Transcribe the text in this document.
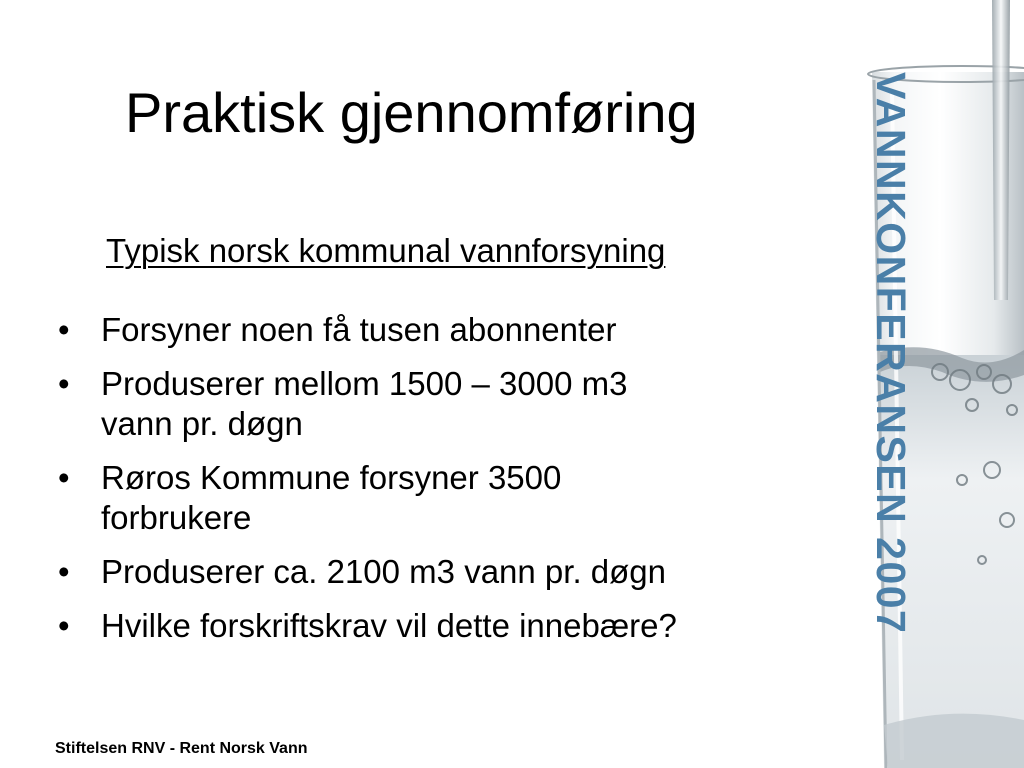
Praktisk gjennomføring
Typisk norsk kommunal vannforsyning
• Forsyner noen få tusen abonnenter
• Produserer mellom 1500 – 3000 m3
vann pr. døgn
• Røros Kommune forsyner 3500
forbrukere
• Produserer ca. 2100 m3 vann pr. døgn
• Hvilke forskriftskrav vil dette innebære?
Stiftelsen RNV - Rent Norsk Vann
VANNKONFERANSEN 2007
